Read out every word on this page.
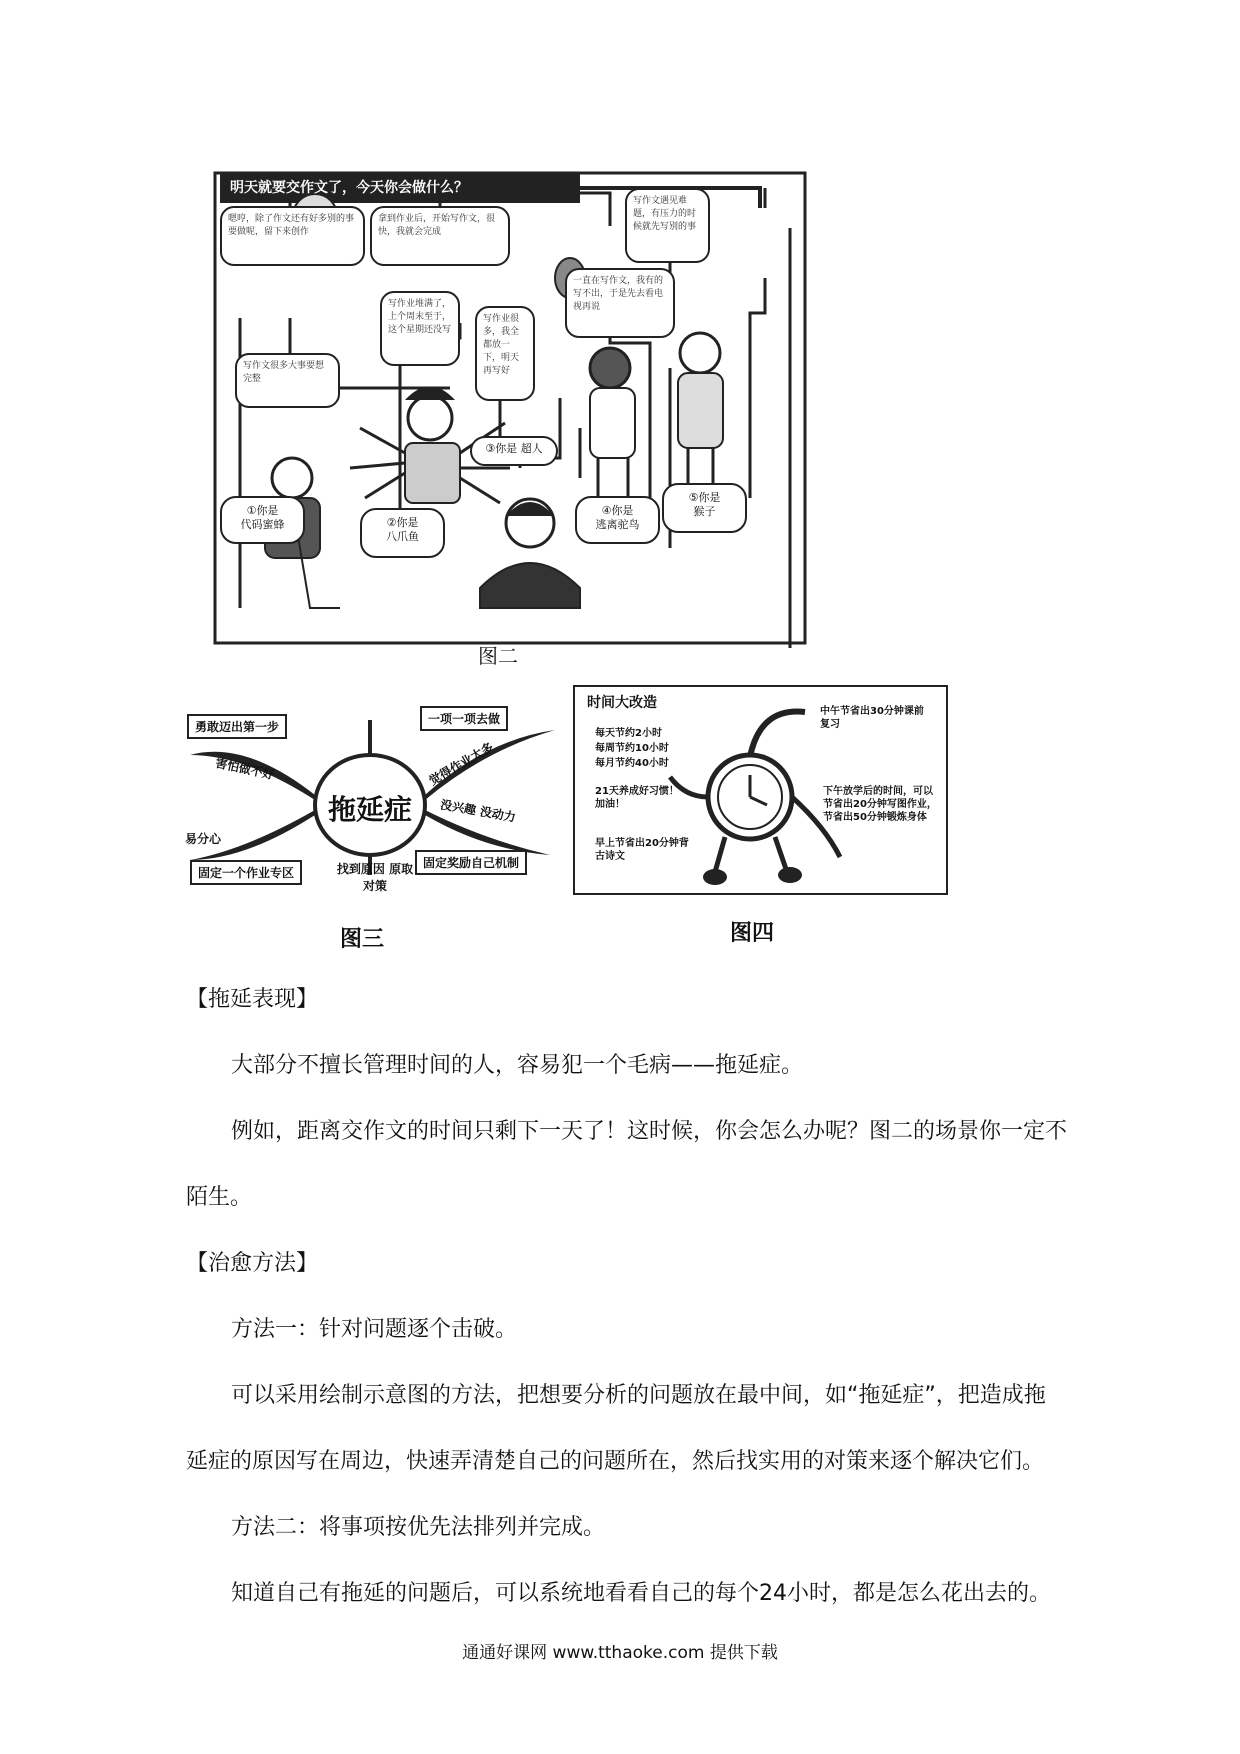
明天就要交作文了，今天你会做什么？
嗯哼，除了作文还有好多别的事要做呢，留下来创作
拿到作业后，开始写作文，很快，我就会完成
一直在写作文，我有的写不出，于是先去看电视再说
写作文遇见难题，有压力的时候就先写别的事
写作业堆满了，上个周末至于，这个星期还没写
写作业很多，我全都放一下，明天再写好
写作文很多大事要想完整
①你是
代码蜜蜂	②你是
八爪鱼
③你是 超人
④你是
逃离驼鸟
⑤你是
猴子
图二
拖延症
勇敢迈出第一步
害怕做不好
易分心
固定一个作业专区	找到原因 原取对策
固定奖励自己机制
没兴趣 没动力
觉得作业太多
一项一项去做
图三
时间大改造
每天节约2小时
每周节约10小时
每月节约40小时
21天养成好习惯！加油！
早上节省出20分钟背古诗文
中午节省出30分钟课前复习
下午放学后的时间，可以节省出20分钟写图作业，节省出50分钟锻炼身体
图四
【拖延表现】
大部分不擅长管理时间的人，容易犯一个毛病——拖延症。
例如，距离交作文的时间只剩下一天了！这时候，你会怎么办呢？图二的场景你一定不
陌生。
【治愈方法】
方法一：针对问题逐个击破。
可以采用绘制示意图的方法，把想要分析的问题放在最中间，如“拖延症”，把造成拖
延症的原因写在周边，快速弄清楚自己的问题所在，然后找实用的对策来逐个解决它们。
方法二：将事项按优先法排列并完成。
知道自己有拖延的问题后，可以系统地看看自己的每个24小时，都是怎么花出去的。
通通好课网 www.tthaoke.com 提供下载
